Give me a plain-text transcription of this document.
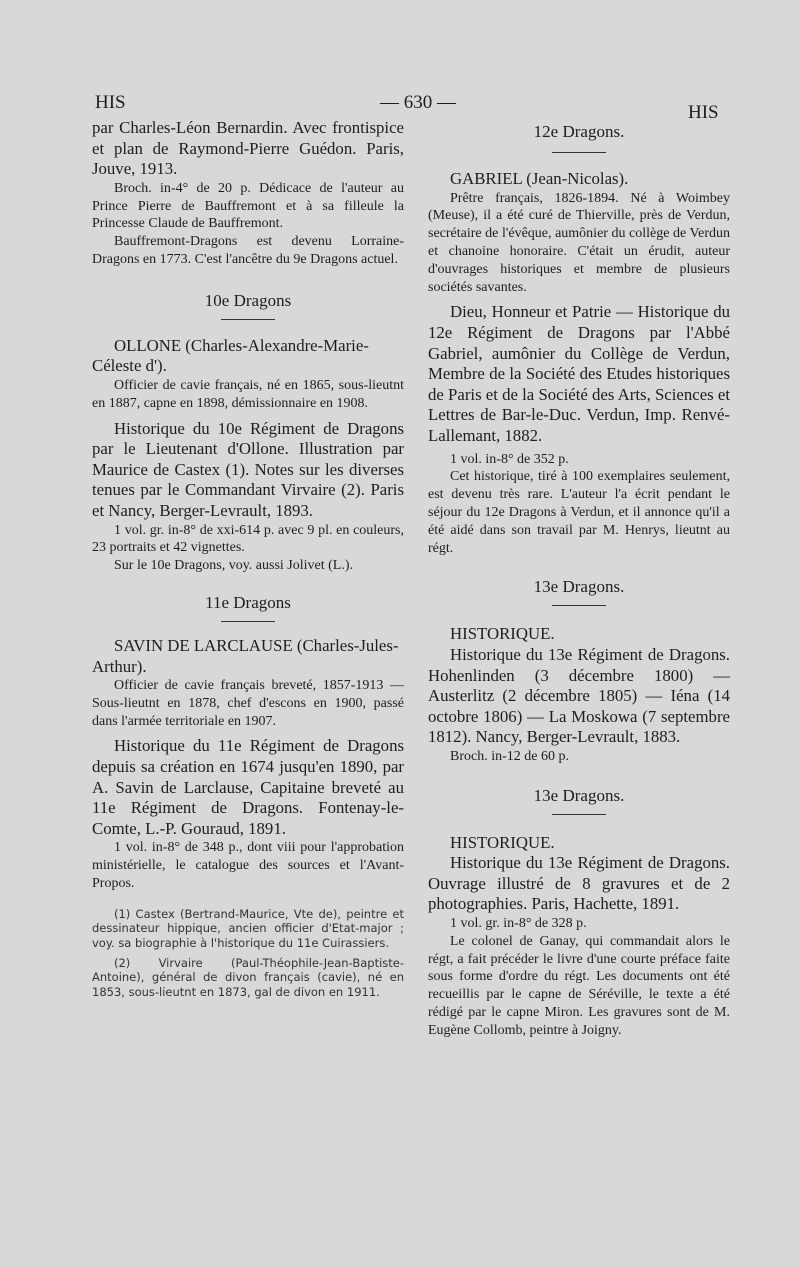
HIS	— 630 —	HIS

par Charles-Léon Bernardin. Avec frontispice et plan de Raymond-Pierre Guédon. Paris, Jouve, 1913.

Broch. in-4° de 20 p. Dédicace de l'auteur au Prince Pierre de Bauffremont et à sa filleule la Princesse Claude de Bauffremont.

Bauffremont-Dragons est devenu Lorraine-Dragons en 1773. C'est l'ancêtre du 9e Dragons actuel.

10e Dragons

OLLONE (Charles-Alexandre-Marie-Céleste d').

Officier de cavie français, né en 1865, sous-lieutnt en 1887, capne en 1898, démissionnaire en 1908.

Historique du 10e Régiment de Dragons par le Lieutenant d'Ollone. Illustration par Maurice de Castex (1). Notes sur les diverses tenues par le Commandant Virvaire (2). Paris et Nancy, Berger-Levrault, 1893.

1 vol. gr. in-8° de xxi-614 p. avec 9 pl. en couleurs, 23 portraits et 42 vignettes.

Sur le 10e Dragons, voy. aussi Jolivet (L.).

11e Dragons

SAVIN DE LARCLAUSE (Charles-Jules-Arthur).

Officier de cavie français breveté, 1857-1913 — Sous-lieutnt en 1878, chef d'escons en 1900, passé dans l'armée territoriale en 1907.

Historique du 11e Régiment de Dragons depuis sa création en 1674 jusqu'en 1890, par A. Savin de Larclause, Capitaine breveté au 11e Régiment de Dragons. Fontenay-le-Comte, L.-P. Gouraud, 1891.

1 vol. in-8° de 348 p., dont viii pour l'approbation ministérielle, le catalogue des sources et l'Avant-Propos.

(1) Castex (Bertrand-Maurice, Vte de), peintre et dessinateur hippique, ancien officier d'Etat-major ; voy. sa biographie à l'historique du 11e Cuirassiers.

(2) Virvaire (Paul-Théophile-Jean-Baptiste-Antoine), général de divon français (cavie), né en 1853, sous-lieutnt en 1873, gal de divon en 1911.

12e Dragons.

GABRIEL (Jean-Nicolas).

Prêtre français, 1826-1894. Né à Woimbey (Meuse), il a été curé de Thierville, près de Verdun, secrétaire de l'évêque, aumônier du collège de Verdun et chanoine honoraire. C'était un érudit, auteur d'ouvrages historiques et membre de plusieurs sociétés savantes.

Dieu, Honneur et Patrie — Historique du 12e Régiment de Dragons par l'Abbé Gabriel, aumônier du Collège de Verdun, Membre de la Société des Etudes historiques de Paris et de la Société des Arts, Sciences et Lettres de Bar-le-Duc. Verdun, Imp. Renvé-Lallemant, 1882.

1 vol. in-8° de 352 p.

Cet historique, tiré à 100 exemplaires seulement, est devenu très rare. L'auteur l'a écrit pendant le séjour du 12e Dragons à Verdun, et il annonce qu'il a été aidé dans son travail par M. Henrys, lieutnt au régt.

13e Dragons.

HISTORIQUE.

Historique du 13e Régiment de Dragons. Hohenlinden (3 décembre 1800) — Austerlitz (2 décembre 1805) — Iéna (14 octobre 1806) — La Moskowa (7 septembre 1812). Nancy, Berger-Levrault, 1883.

Broch. in-12 de 60 p.

13e Dragons.

HISTORIQUE.

Historique du 13e Régiment de Dragons. Ouvrage illustré de 8 gravures et de 2 photographies. Paris, Hachette, 1891.

1 vol. gr. in-8° de 328 p.

Le colonel de Ganay, qui commandait alors le régt, a fait précéder le livre d'une courte préface faite sous forme d'ordre du régt. Les documents ont été recueillis par le capne de Séréville, le texte a été rédigé par le capne Miron. Les gravures sont de M. Eugène Collomb, peintre à Joigny.
